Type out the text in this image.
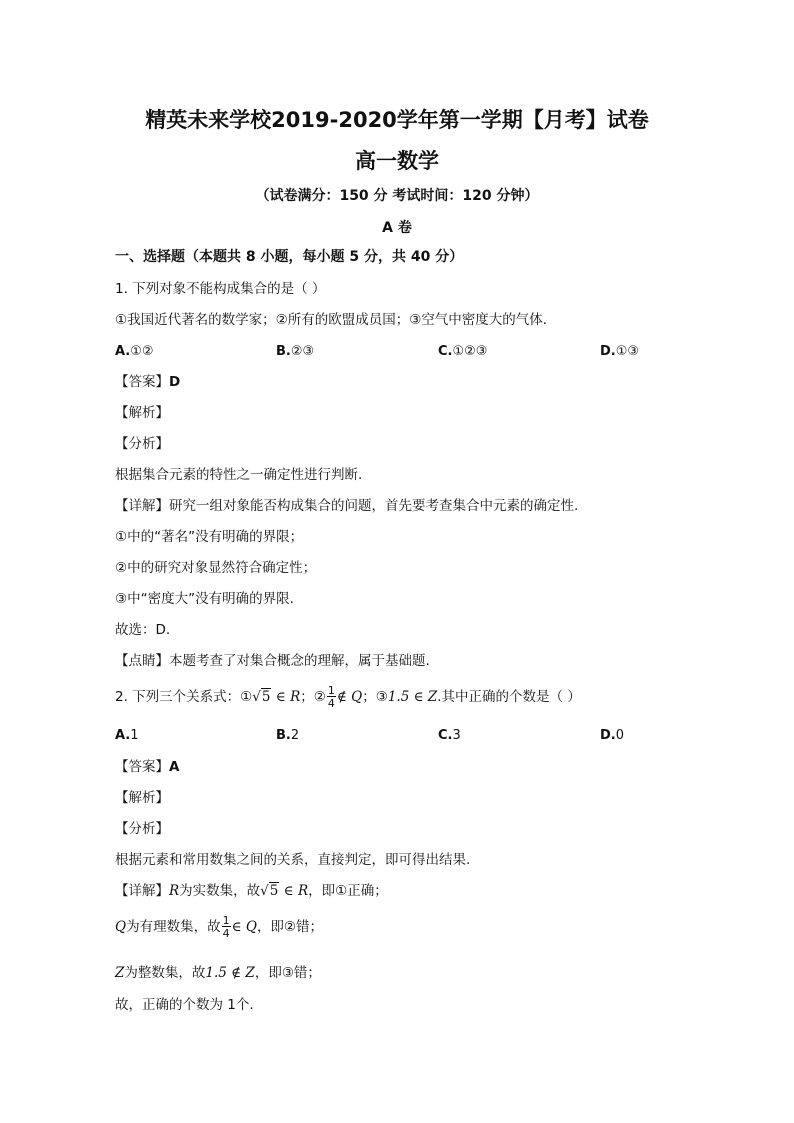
精英未来学校2019-2020学年第一学期【月考】试卷
高一数学
（试卷满分：150 分 考试时间：120 分钟）
A 卷
一、选择题（本题共 8 小题，每小题 5 分，共 40 分）
1. 下列对象不能构成集合的是（ ）
①我国近代著名的数学家；②所有的欧盟成员国；③空气中密度大的气体.
A.①②	B.②③	C.①②③	D.①③
【答案】D
【解析】
【分析】
根据集合元素的特性之一确定性进行判断.
【详解】研究一组对象能否构成集合的问题，首先要考查集合中元素的确定性.
①中的“著名”没有明确的界限；
②中的研究对象显然符合确定性；
③中“密度大”没有明确的界限.
故选：D.
【点睛】本题考查了对集合概念的理解，属于基础题.
2. 下列三个关系式：①√5 ∈ R；② $\frac{1}{4}$ ∉ Q；③1.5 ∈ Z.其中正确的个数是（ ）
A.1	B.2	C.3	D.0
【答案】A
【解析】
【分析】
根据元素和常用数集之间的关系，直接判定，即可得出结果.
【详解】R为实数集，故√5 ∈ R，即①正确；
Q为有理数集，故 $\frac{1}{4}$ ∈ Q，即②错；
Z为整数集，故1.5 ∉ Z，即③错；
故，正确的个数为 1个.
